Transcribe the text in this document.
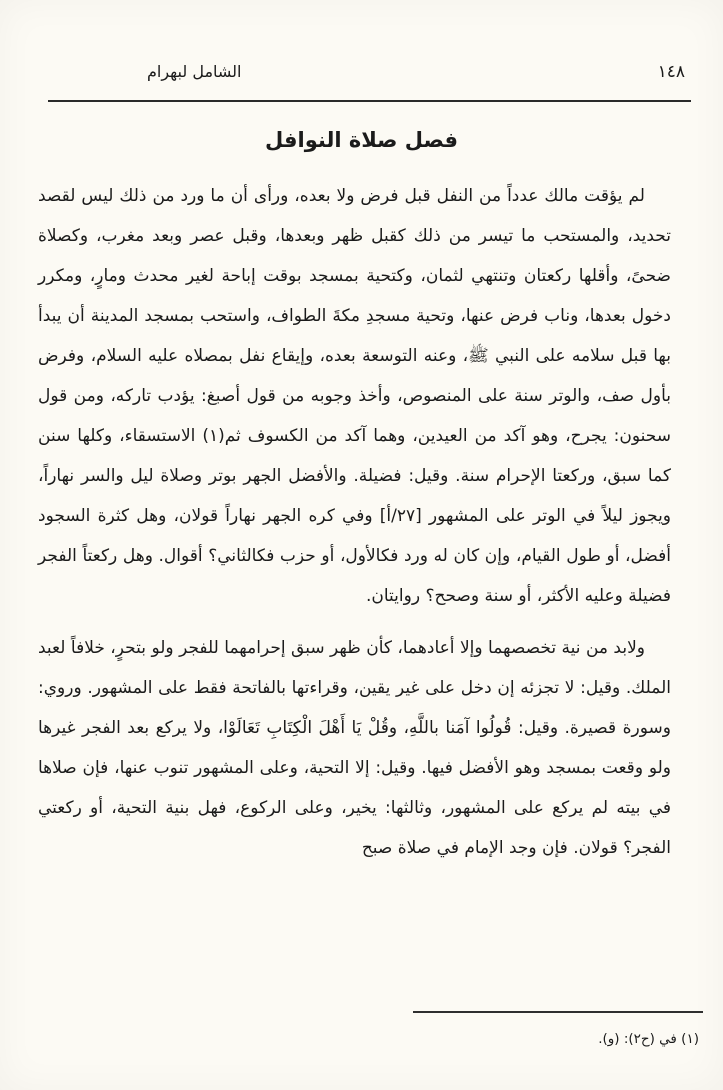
الشامل لبهرام	١٤٨
فصل صلاة النوافل

لم يؤقت مالك عدداً من النفل قبل فرض ولا بعده، ورأى أن ما ورد من ذلك ليس لقصد تحديد، والمستحب ما تيسر من ذلك كقبل ظهر وبعدها، وقبل عصر وبعد مغرب، وكصلاة ضحىً، وأقلها ركعتان وتنتهي لثمان، وكتحية بمسجد بوقت إباحة لغير محدث ومارٍ، ومكرر دخول بعدها، وناب فرض عنها، وتحية مسجدِ مكةَ الطواف، واستحب بمسجد المدينة أن يبدأ بها قبل سلامه على النبي ﷺ، وعنه التوسعة بعده، وإيقاع نفل بمصلاه عليه السلام، وفرض بأول صف، والوتر سنة على المنصوص، وأخذ وجوبه من قول أصبغ: يؤدب تاركه، ومن قول سحنون: يجرح، وهو آكد من العيدين، وهما آكد من الكسوف ثم(١) الاستسقاء، وكلها سنن كما سبق، وركعتا الإحرام سنة. وقيل: فضيلة. والأفضل الجهر بوتر وصلاة ليل والسر نهاراً، ويجوز ليلاً في الوتر على المشهور [٢٧/أ] وفي كره الجهر نهاراً قولان، وهل كثرة السجود أفضل، أو طول القيام، وإن كان له ورد فكالأول، أو حزب فكالثاني؟ أقوال. وهل ركعتاً الفجر فضيلة وعليه الأكثر، أو سنة وصحح؟ روايتان.

ولابد من نية تخصصهما وإلا أعادهما، كأن ظهر سبق إحرامهما للفجر ولو بتحرٍ، خلافاً لعبد الملك. وقيل: لا تجزئه إن دخل على غير يقين، وقراءتها بالفاتحة فقط على المشهور. وروي: وسورة قصيرة. وقيل: قُولُوا آمَنا باللَّهِ، وقُلْ يَا أَهْلَ الْكِتَابِ تَعَالَوْا، ولا يركع بعد الفجر غيرها ولو وقعت بمسجد وهو الأفضل فيها. وقيل: إلا التحية، وعلى المشهور تنوب عنها، فإن صلاها في بيته لم يركع على المشهور، وثالثها: يخير، وعلى الركوع، فهل بنية التحية، أو ركعتي الفجر؟ قولان. فإن وجد الإمام في صلاة صبح

(١) في (ح٢): (و).
